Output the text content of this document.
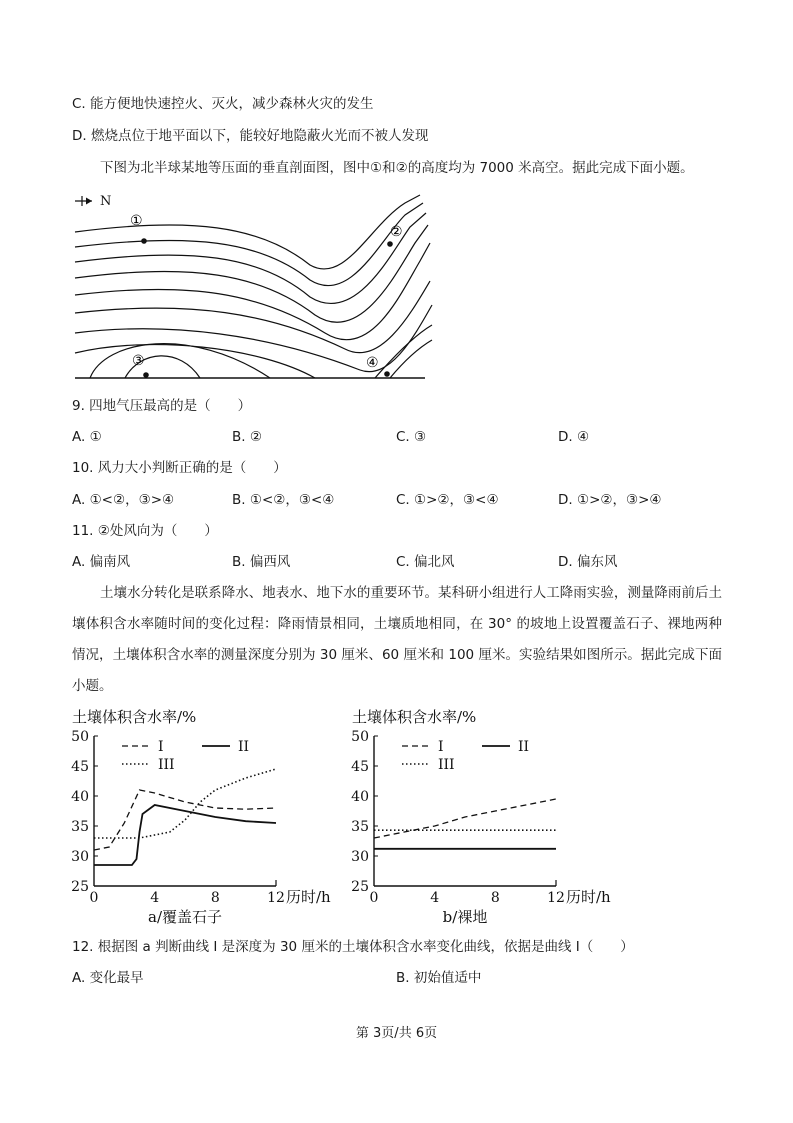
C. 能方便地快速控火、灭火，减少森林火灾的发生
D. 燃烧点位于地平面以下，能较好地隐蔽火光而不被人发现
下图为北半球某地等压面的垂直剖面图，图中①和②的高度均为 7000 米高空。据此完成下面小题。
N
①
②
③	④
9. 四地气压最高的是（　　）
A. ①	B. ②	C. ③	D. ④
10. 风力大小判断正确的是（　　）
A. ①<②，③>④	B. ①<②，③<④	C. ①>②，③<④	D. ①>②，③>④
11. ②处风向为（　　）
A. 偏南风	B. 偏西风	C. 偏北风	D. 偏东风
土壤水分转化是联系降水、地表水、地下水的重要环节。某科研小组进行人工降雨实验，测量降雨前后土壤体积含水率随时间的变化过程：降雨情景相同，土壤质地相同，在 30° 的坡地上设置覆盖石子、裸地两种情况，土壤体积含水率的测量深度分别为 30 厘米、60 厘米和 100 厘米。实验结果如图所示。据此完成下面小题。
土壤体积含水率/%
25
30
35
40
45
50
0	4	8	12 历时/h
a/覆盖石子
I	II
III
土壤体积含水率/%
25
30
35
40
45
50
0	4	8	12 历时/h
b/裸地
I	II
III
12. 根据图 a 判断曲线 I 是深度为 30 厘米的土壤体积含水率变化曲线，依据是曲线 I（　　）
A. 变化最早	B. 初始值适中
第 3页/共 6页
